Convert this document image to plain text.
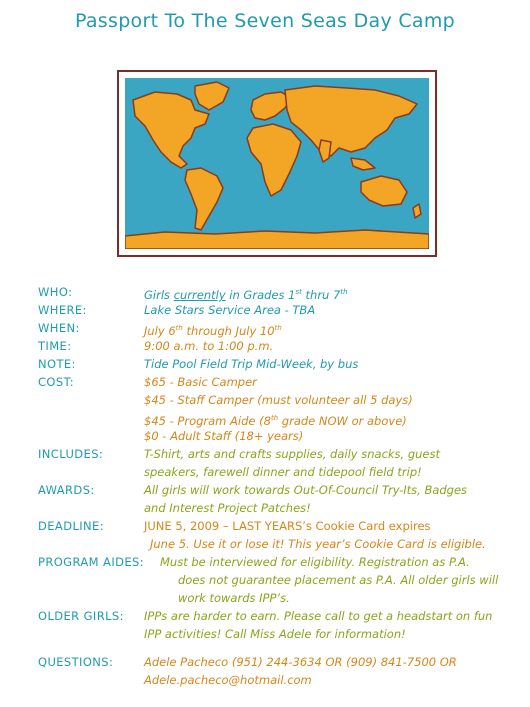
Passport To The Seven Seas Day Camp
WHO:	Girls currently in Grades 1st thru 7th
WHERE:	Lake Stars Service Area - TBA
WHEN:	July 6th through July 10th
TIME:	9:00 a.m. to 1:00 p.m.
NOTE:	Tide Pool Field Trip Mid-Week, by bus
COST:	$65 - Basic Camper
$45 - Staff Camper (must volunteer all 5 days)
$45 - Program Aide (8th grade NOW or above)
$0 - Adult Staff (18+ years)
INCLUDES:	T-Shirt, arts and crafts supplies, daily snacks, guest
speakers, farewell dinner and tidepool field trip!
AWARDS:	All girls will work towards Out-Of-Council Try-Its, Badges
and Interest Project Patches!
DEADLINE:	JUNE 5, 2009 – LAST YEARS’s Cookie Card expires
June 5. Use it or lose it! This year’s Cookie Card is eligible.
PROGRAM AIDES: Must be interviewed for eligibility. Registration as P.A.
does not guarantee placement as P.A. All older girls will
work towards IPP’s.
OLDER GIRLS: IPPs are harder to earn. Please call to get a headstart on fun
IPP activities! Call Miss Adele for information!
QUESTIONS:	Adele Pacheco (951) 244-3634 OR (909) 841-7500 OR
Adele.pacheco@hotmail.com
